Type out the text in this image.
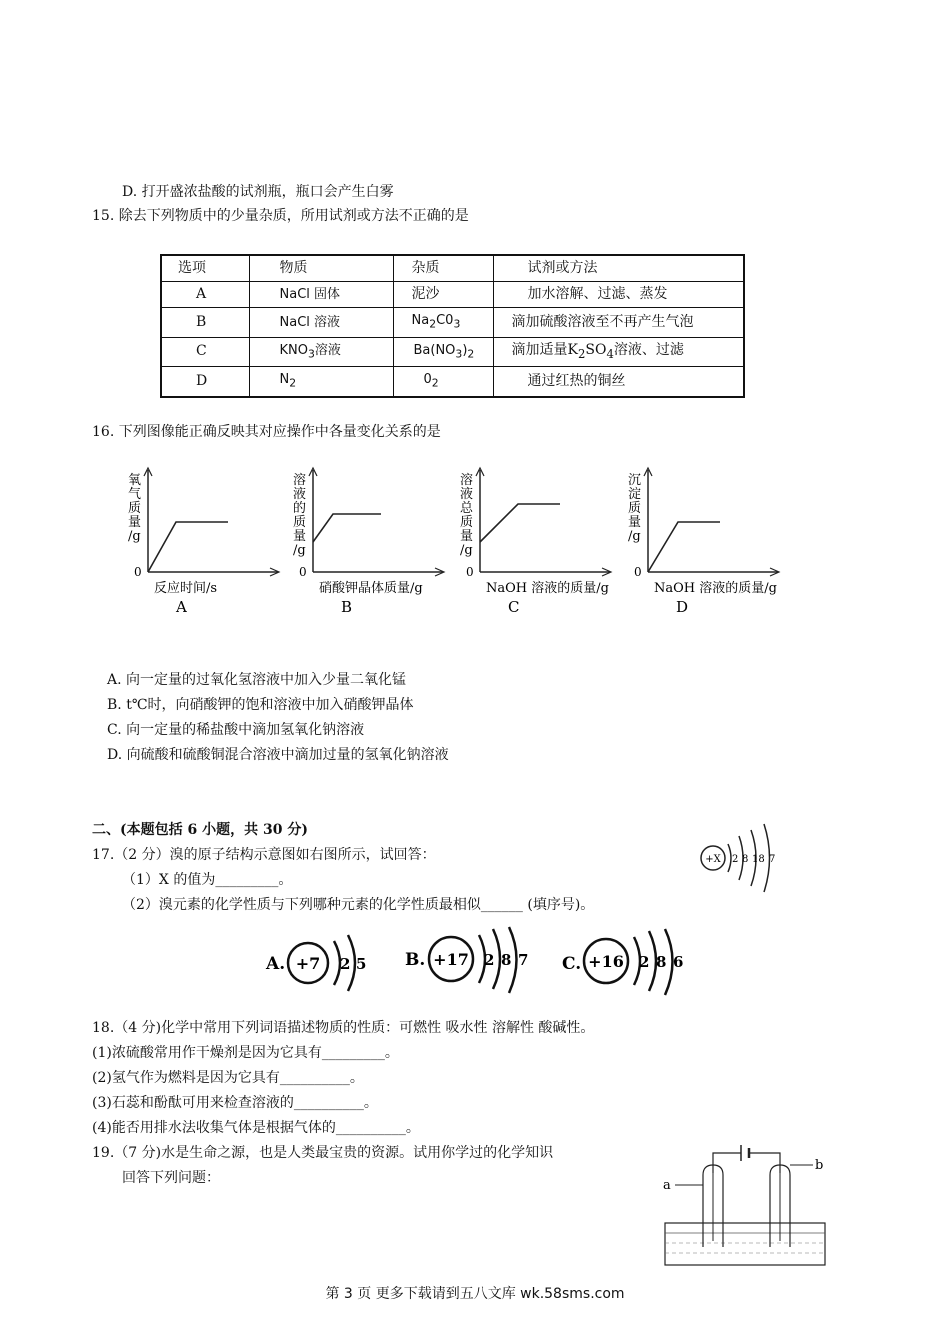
D. 打开盛浓盐酸的试剂瓶，瓶口会产生白雾
15. 除去下列物质中的少量杂质，所用试剂或方法不正确的是
选项	物质	杂质	试剂或方法
A	NaCl 固体	泥沙	加水溶解、过滤、蒸发
B	NaCl 溶液	$Na_2C0_3$	滴加硫酸溶液至不再产生气泡
C	$KNO_3$溶液	$Ba(NO_3)_2$	滴加适量$K_2SO_4$溶液、过滤
D	$N_2$	$0_2$	通过红热的铜丝
16. 下列图像能正确反映其对应操作中各量变化关系的是
氧
气
质
量
/g
0
反应时间/s
A
溶
液
的
质
量
/g
0
硝酸钾晶体质量/g
B
溶
液
总
质
量
/g
0
NaOH 溶液的质量/g
C
沉
淀
质
量
/g
0
NaOH 溶液的质量/g
D
A. 向一定量的过氧化氢溶液中加入少量二氧化锰
B. t℃时，向硝酸钾的饱和溶液中加入硝酸钾晶体
C. 向一定量的稀盐酸中滴加氢氧化钠溶液
D. 向硫酸和硫酸铜混合溶液中滴加过量的氢氧化钠溶液
二、(本题包括 6 小题，共 30 分)
17.（2 分）溴的原子结构示意图如右图所示，试回答：
（1）X 的值为_________。
（2）溴元素的化学性质与下列哪种元素的化学性质最相似______ (填序号)。
+X 2 8 18 7
A. +7 2 5 B. +17 2 8 7 C. +16 2 8 6
18.（4 分)化学中常用下列词语描述物质的性质：可燃性 吸水性 溶解性 酸碱性。
(1)浓硫酸常用作干燥剂是因为它具有_________。
(2)氢气作为燃料是因为它具有__________。
(3)石蕊和酚酞可用来检查溶液的__________。
(4)能否用排水法收集气体是根据气体的__________。
19.（7 分)水是生命之源，也是人类最宝贵的资源。试用你学过的化学知识
回答下列问题：	a
b
第 3 页 更多下载请到五八文库 wk.58sms.com
